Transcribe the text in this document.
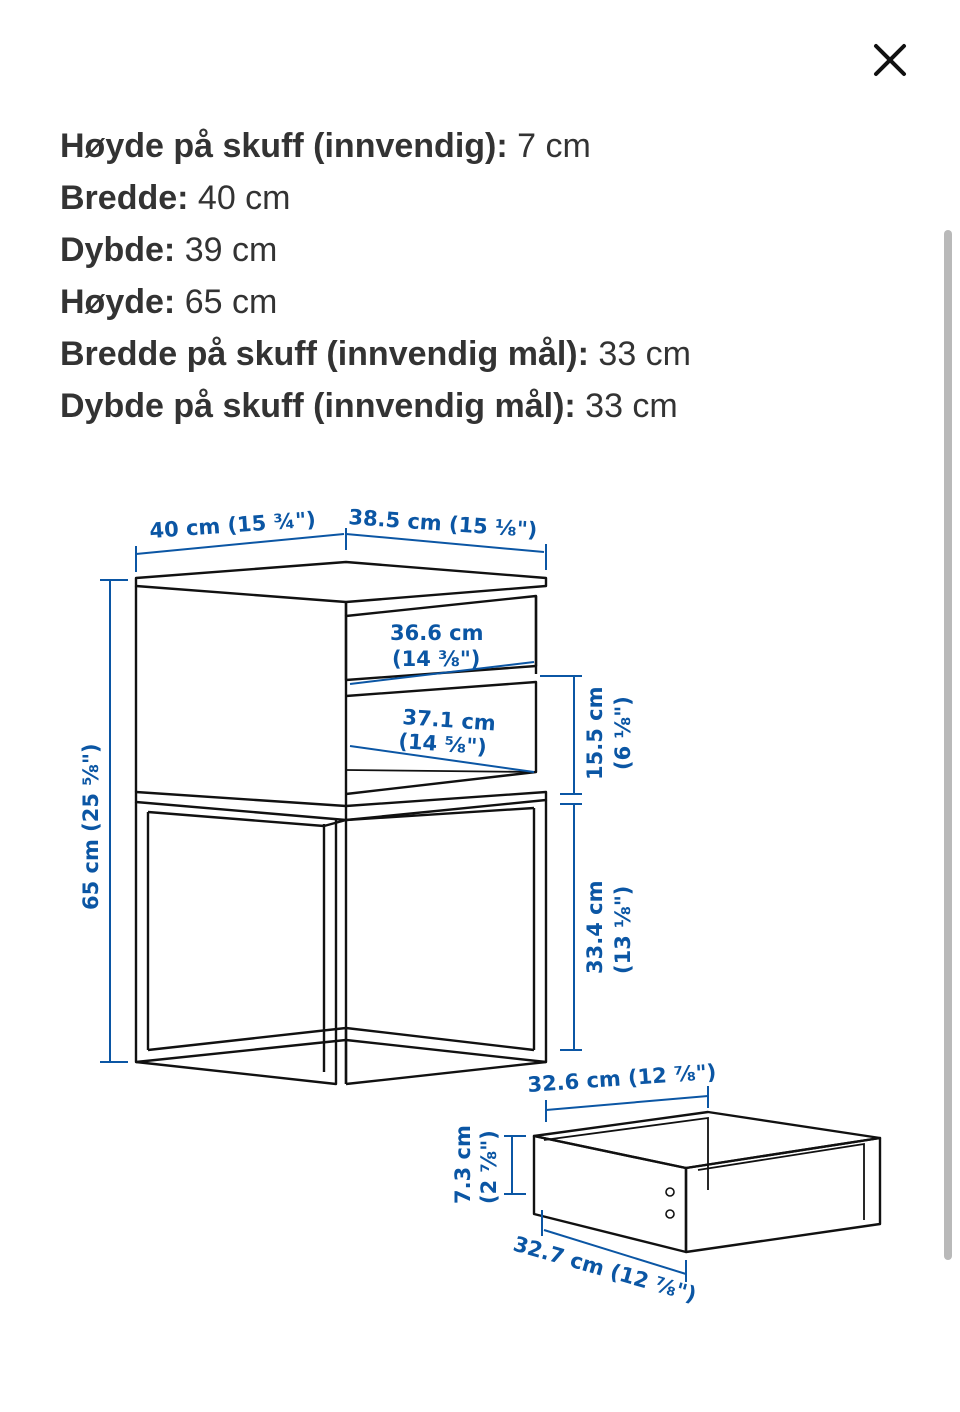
Høyde på skuff (innvendig): 7 cm
Bredde: 40 cm
Dybde: 39 cm
Høyde: 65 cm
Bredde på skuff (innvendig mål): 33 cm
Dybde på skuff (innvendig mål): 33 cm
40 cm (15 ¾") 38.5 cm (15 ⅛")
65 cm (25 ⅝")
36.6 cm
(14 ⅜")
37.1 cm
(14 ⅝")	15.5 cm (6 ⅛")
33.4 cm (13 ⅛")
32.6 cm (12 ⅞")
7.3 cm (2 ⅞")
32.7 cm (12 ⅞")
